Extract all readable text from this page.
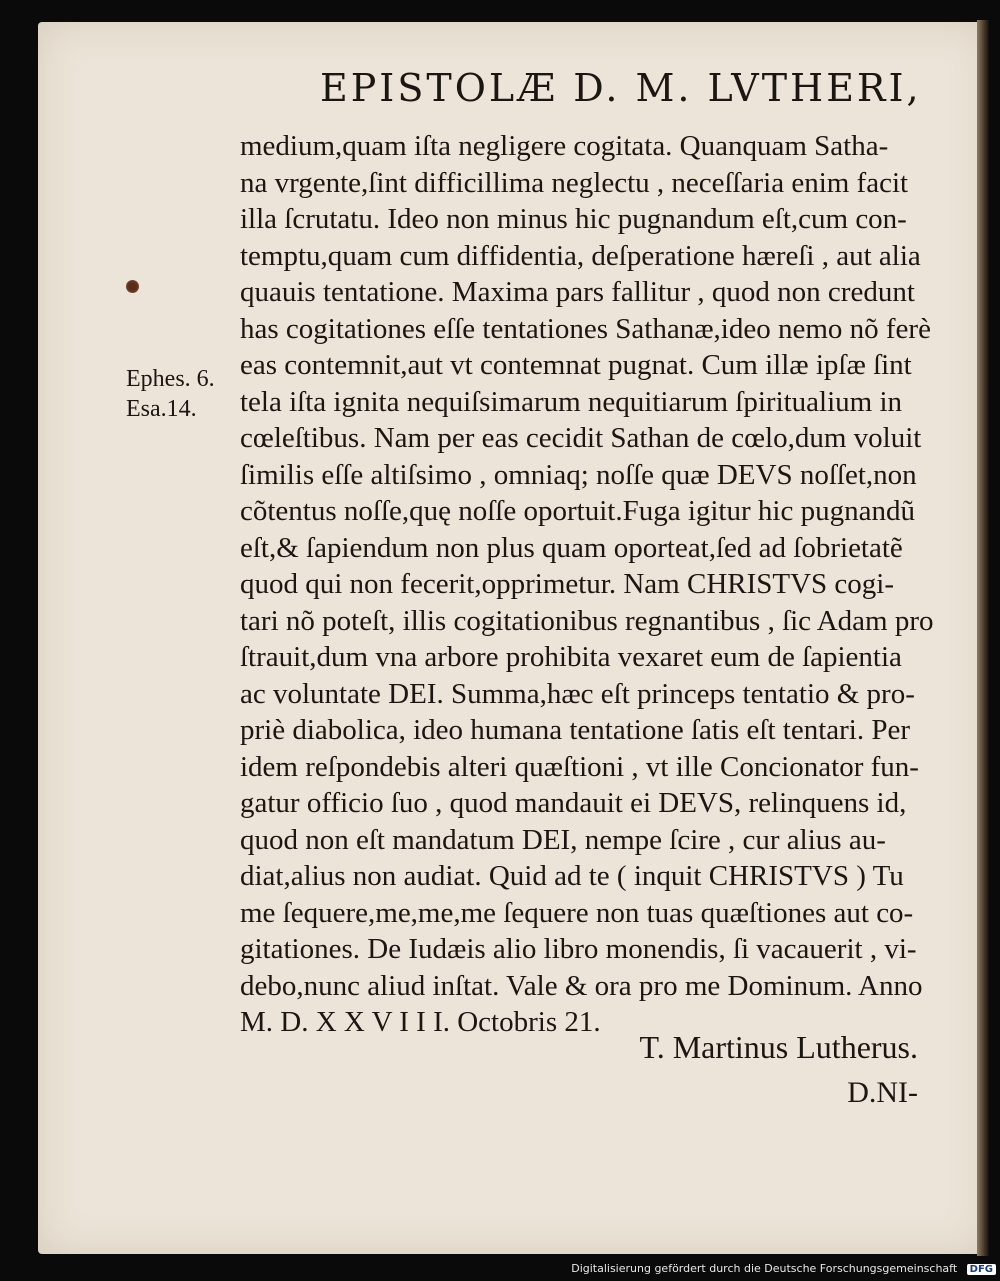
EPISTOLÆ D. M. LVTHERI,
Ephes. 6.
Esa.14.
medium,quam iſta negligere cogitata. Quanquam Satha-
na vrgente,ſint difficillima neglectu , neceſſaria enim facit
illa ſcrutatu. Ideo non minus hic pugnandum eſt,cum con-
temptu,quam cum diffidentia, deſperatione hæreſi , aut alia
quauis tentatione. Maxima pars fallitur , quod non credunt
has cogitationes eſſe tentationes Sathanæ,ideo nemo nõ ferè
eas contemnit,aut vt contemnat pugnat. Cum illæ ipſæ ſint
tela iſta ignita nequiſsimarum nequitiarum ſpiritualium in
cœleſtibus. Nam per eas cecidit Sathan de cœlo,dum voluit
ſimilis eſſe altiſsimo , omniaq; noſſe quæ DEVS noſſet,non
cõtentus noſſe,quę noſſe oportuit.Fuga igitur hic pugnandũ
eſt,& ſapiendum non plus quam oporteat,ſed ad ſobrietatẽ
quod qui non fecerit,opprimetur. Nam CHRISTVS cogi-
tari nõ poteſt, illis cogitationibus regnantibus , ſic Adam pro
ſtrauit,dum vna arbore prohibita vexaret eum de ſapientia
ac voluntate DEI. Summa,hæc eſt princeps tentatio & pro-
priè diabolica, ideo humana tentatione ſatis eſt tentari. Per
idem reſpondebis alteri quæſtioni , vt ille Concionator fun-
gatur officio ſuo , quod mandauit ei DEVS, relinquens id,
quod non eſt mandatum DEI, nempe ſcire , cur alius au-
diat,alius non audiat. Quid ad te ( inquit CHRISTVS ) Tu
me ſequere,me,me,me ſequere non tuas quæſtiones aut co-
gitationes. De Iudæis alio libro monendis, ſi vacauerit , vi-
debo,nunc aliud inſtat. Vale & ora pro me Dominum. Anno
M. D. X X V I I I. Octobris 21.
T. Martinus Lutherus.
D.NI-
Digitalisierung gefördert durch die Deutsche Forschungsgemeinschaft DFG
